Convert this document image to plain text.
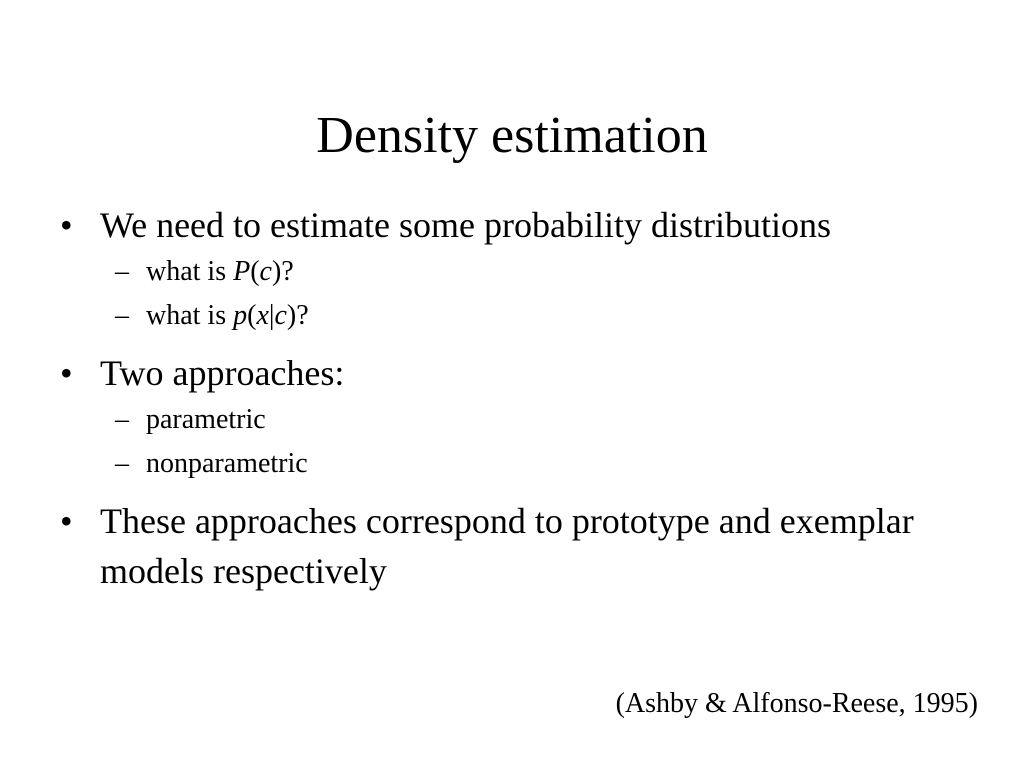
Density estimation
• We need to estimate some probability distributions
– what is P(c)?
– what is p(x|c)?
• Two approaches:
– parametric
– nonparametric
• These approaches correspond to prototype and exemplar models respectively
(Ashby & Alfonso-Reese, 1995)
